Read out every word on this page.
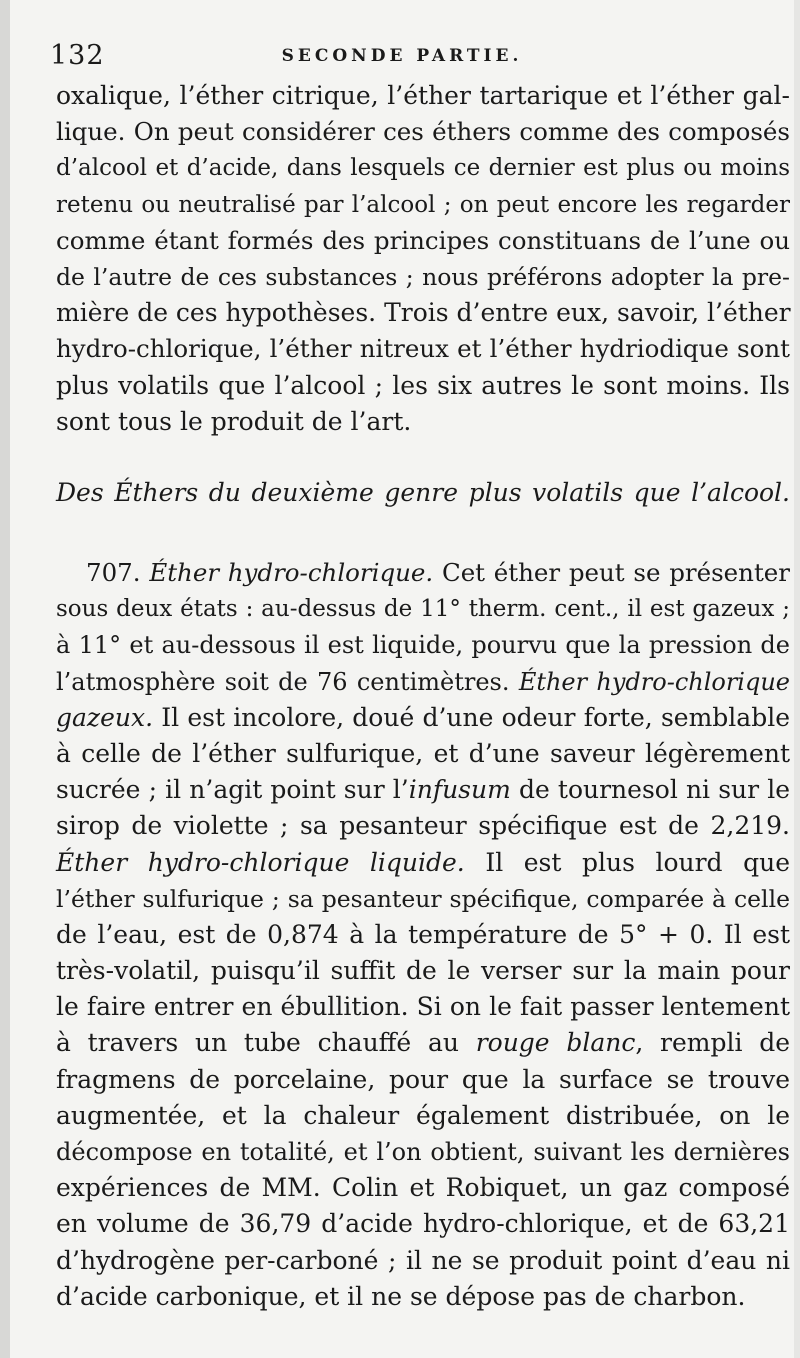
132	SECONDE PARTIE.
oxalique, l’éther citrique, l’éther tartarique et l’éther gal-
lique. On peut considérer ces éthers comme des composés
d’alcool et d’acide, dans lesquels ce dernier est plus ou moins
retenu ou neutralisé par l’alcool ; on peut encore les regarder
comme étant formés des principes constituans de l’une ou
de l’autre de ces substances ; nous préférons adopter la pre-
mière de ces hypothèses. Trois d’entre eux, savoir, l’éther
hydro-chlorique, l’éther nitreux et l’éther hydriodique sont
plus volatils que l’alcool ; les six autres le sont moins. Ils
sont tous le produit de l’art.
Des Éthers du deuxième genre plus volatils que l’alcool.
707. Éther hydro-chlorique. Cet éther peut se présenter
sous deux états : au-dessus de 11° therm. cent., il est gazeux ;
à 11° et au-dessous il est liquide, pourvu que la pression de
l’atmosphère soit de 76 centimètres. Éther hydro-chlorique
gazeux. Il est incolore, doué d’une odeur forte, semblable
à celle de l’éther sulfurique, et d’une saveur légèrement
sucrée ; il n’agit point sur l’infusum de tournesol ni sur le
sirop de violette ; sa pesanteur spécifique est de 2,219.
Éther hydro-chlorique liquide. Il est plus lourd que
l’éther sulfurique ; sa pesanteur spécifique, comparée à celle
de l’eau, est de 0,874 à la température de 5° + 0. Il est
très-volatil, puisqu’il suffit de le verser sur la main pour
le faire entrer en ébullition. Si on le fait passer lentement
à travers un tube chauffé au rouge blanc, rempli de
fragmens de porcelaine, pour que la surface se trouve
augmentée, et la chaleur également distribuée, on le
décompose en totalité, et l’on obtient, suivant les dernières
expériences de MM. Colin et Robiquet, un gaz composé
en volume de 36,79 d’acide hydro-chlorique, et de 63,21
d’hydrogène per-carboné ; il ne se produit point d’eau ni
d’acide carbonique, et il ne se dépose pas de charbon.
